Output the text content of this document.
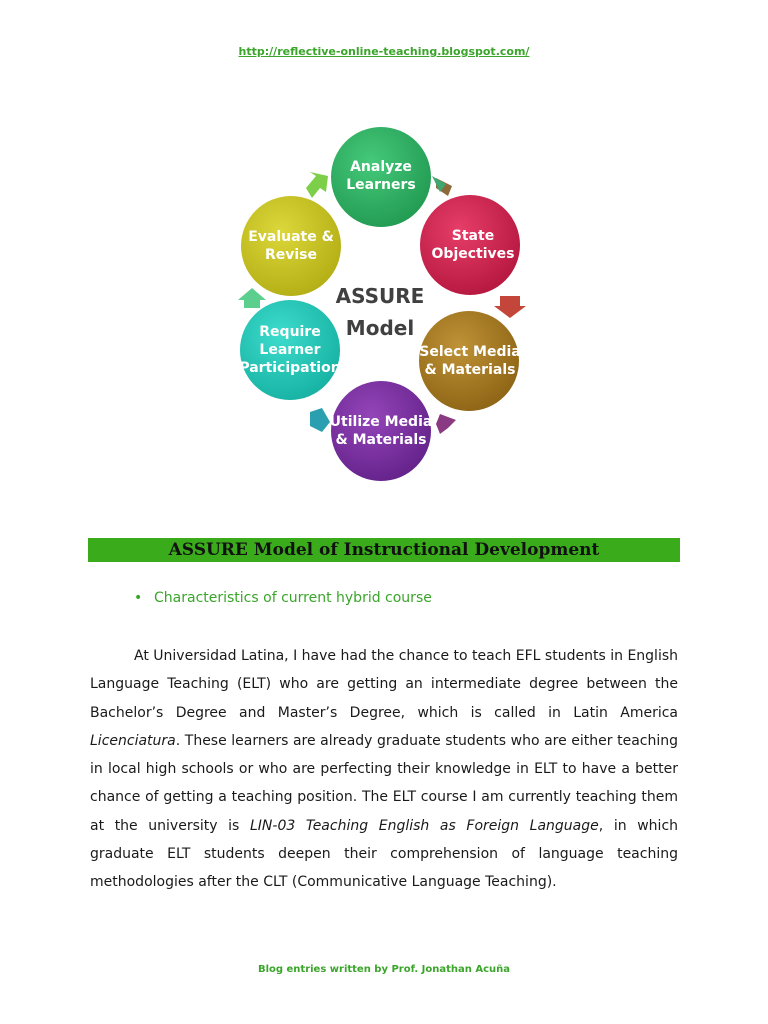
http://reflective-online-teaching.blogspot.com/
Analyze Learners
State Objectives
Select Media & Materials
Utilize Media & Materials
Require Learner Participation
Evaluate & Revise
ASSURE
Model
ASSURE Model of Instructional Development
• Characteristics of current hybrid course

At Universidad Latina, I have had the chance to teach EFL students in English Language Teaching (ELT) who are getting an intermediate degree between the Bachelor’s Degree and Master’s Degree, which is called in Latin America Licenciatura. These learners are already graduate students who are either teaching in local high schools or who are perfecting their knowledge in ELT to have a better chance of getting a teaching position. The ELT course I am currently teaching them at the university is LIN-03 Teaching English as Foreign Language, in which graduate ELT students deepen their comprehension of language teaching methodologies after the CLT (Communicative Language Teaching).

Blog entries written by Prof. Jonathan Acuña
